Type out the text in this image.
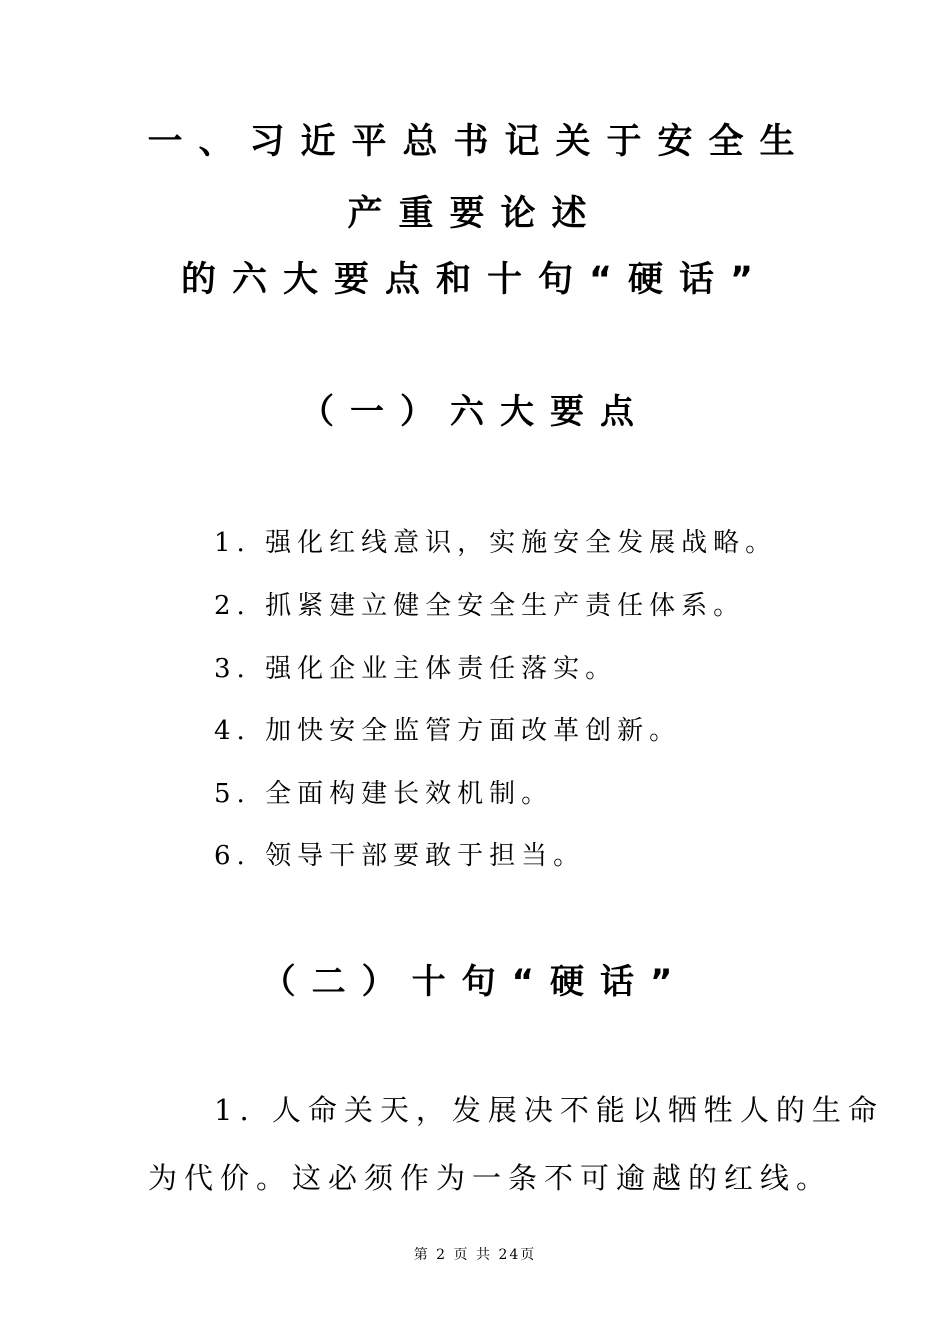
一、习近平总书记关于安全生
产重要论述
的六大要点和十句“硬话”
（一）六大要点
1. 强化红线意识，实施安全发展战略。
2. 抓紧建立健全安全生产责任体系。
3. 强化企业主体责任落实。
4. 加快安全监管方面改革创新。
5. 全面构建长效机制。
6. 领导干部要敢于担当。
（二）十句“硬话”
1. 人命关天，发展决不能以牺牲人的生命
为代价。这必须作为一条不可逾越的红线。
第 2 页 共 24页
